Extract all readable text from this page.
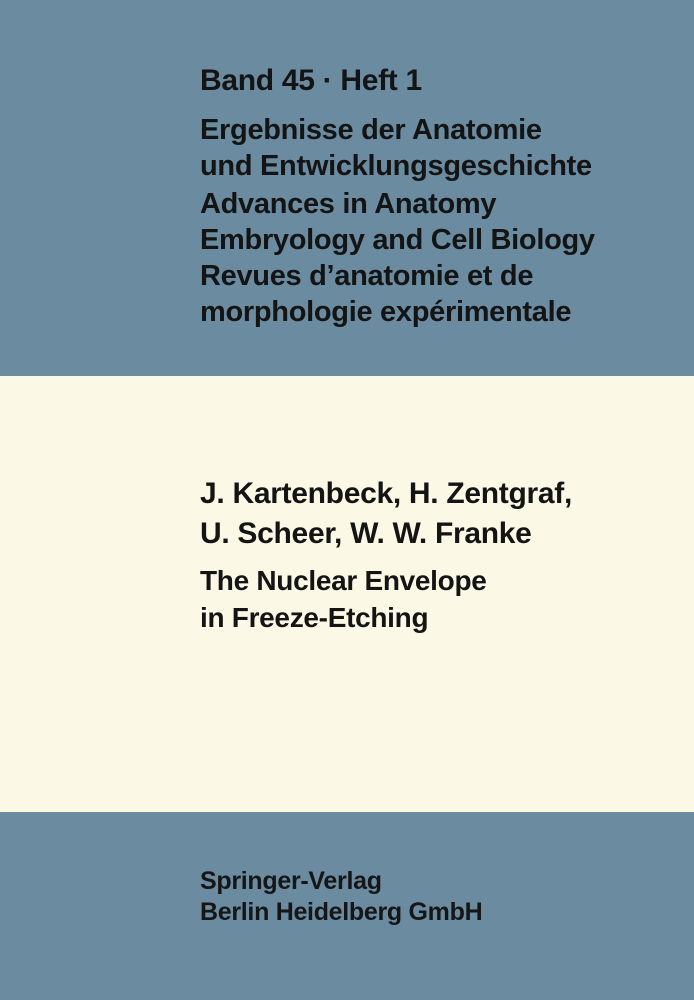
Band 45 · Heft 1
Ergebnisse der Anatomie
und Entwicklungsgeschichte
Advances in Anatomy
Embryology and Cell Biology
Revues d’anatomie et de
morphologie expérimentale
J. Kartenbeck, H. Zentgraf,
U. Scheer, W. W. Franke
The Nuclear Envelope
in Freeze-Etching
Springer-Verlag
Berlin Heidelberg GmbH
